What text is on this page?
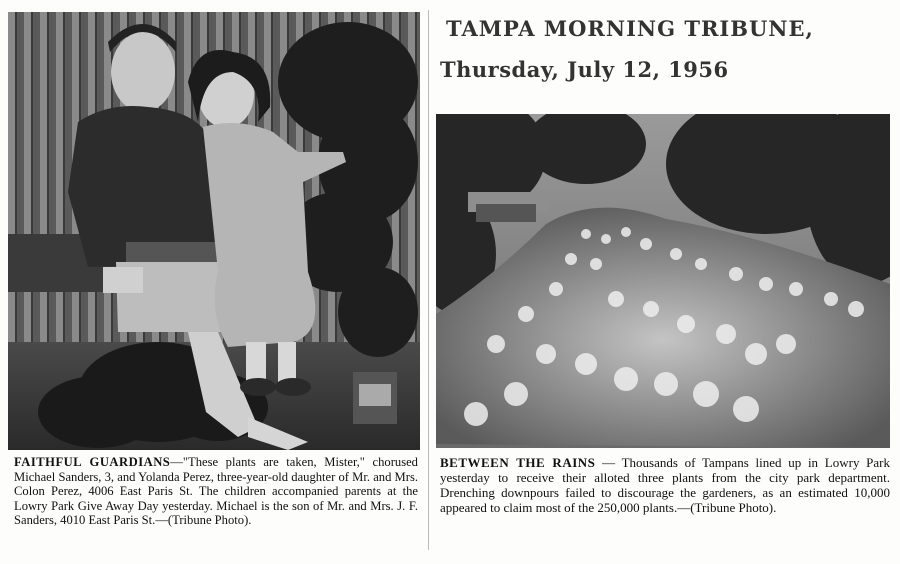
TAMPA MORNING TRIBUNE,
Thursday, July 12, 1956
FAITHFUL GUARDIANS—"These plants are taken, Mister," chorused Michael Sanders, 3, and Yolanda Perez, three-year-old daughter of Mr. and Mrs. Colon Perez, 4006 East Paris St. The children accompanied parents at the Lowry Park Give Away Day yesterday. Michael is the son of Mr. and Mrs. J. F. Sanders, 4010 East Paris St.—(Tribune Photo).
BETWEEN THE RAINS — Thousands of Tampans lined up in Lowry Park yesterday to receive their alloted three plants from the city park department. Drenching downpours failed to discourage the gardeners, as an estimated 10,000 appeared to claim most of the 250,000 plants.—(Tribune Photo).
